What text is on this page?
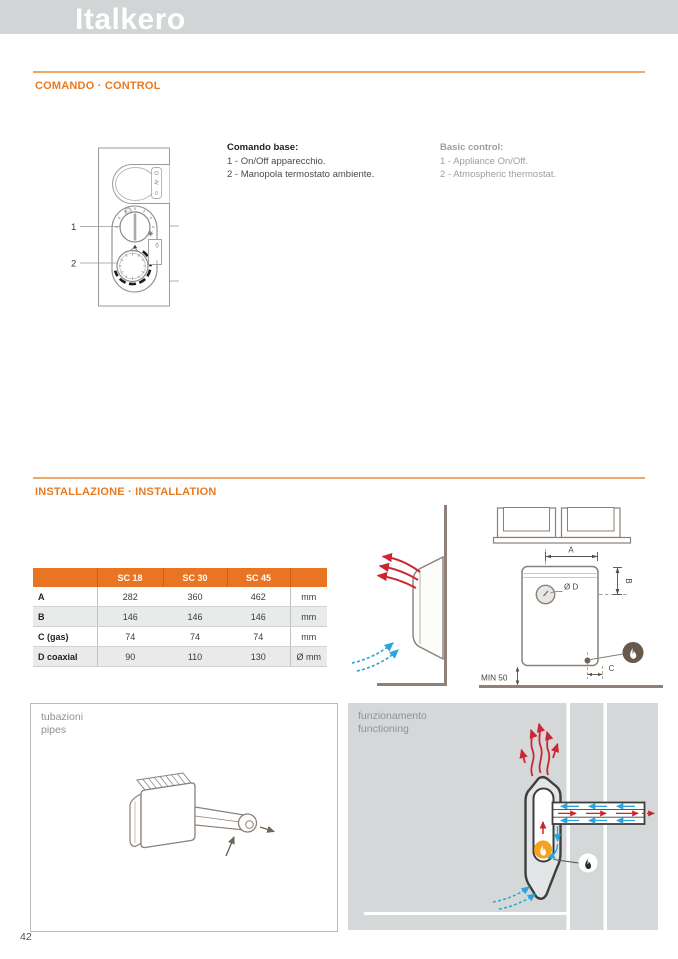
Italkero
COMANDO · CONTROL
0
0
I
1
2
Comando base:
1 - On/Off apparecchio.
2 - Manopola termostato ambiente.
Basic control:
1 - Appliance On/Off.
2 - Atmospheric thermostat.
INSTALLAZIONE · INSTALLATION
	SC 18	SC 30	SC 45	
A	282	360	462	mm
B	146	146	146	mm
C (gas)	74	74	74	mm
D coaxial	90	110	130	Ø mm
A
B
Ø D
C
MIN 50
tubazioni
pipes
funzionamento
functioning
42
